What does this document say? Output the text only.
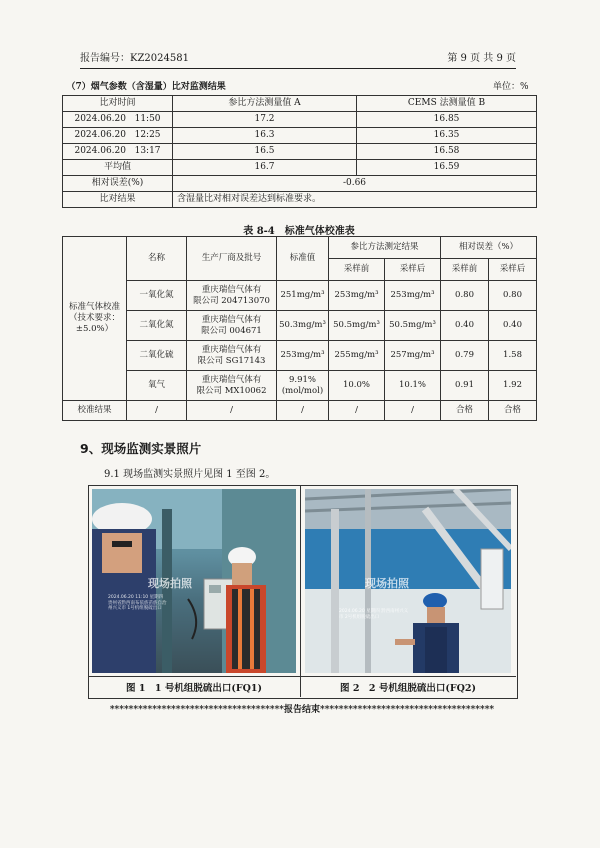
报告编号：KZ2024581	第 9 页 共 9 页
（7）烟气参数（含湿量）比对监测结果		单位：%
比对时间	参比方法测量值 A	CEMS 法测量值 B
2024.06.20 11:50	17.2	16.85
2024.06.20 12:25	16.3	16.35
2024.06.20 13:17	16.5	16.58
平均值	16.7	16.59
相对误差(%)	-0.66	
比对结果	含湿量比对相对误差达到标准要求。	
表 8-4　标准气体校准表
标准气体校准（技术要求：±5.0%）	名称	生产厂商及批号	标准值	参比方法测定结果		相对误差（%）	
				采样前	采样后	采样前	采样后
	一氧化氮	重庆瑞信气体有
限公司 204713070	251mg/m³	253mg/m³	253mg/m³	0.80	0.80
	二氧化氮	重庆瑞信气体有
限公司 004671	50.3mg/m³	50.5mg/m³	50.5mg/m³	0.40	0.40
	二氧化硫	重庆瑞信气体有
限公司 SG17143	253mg/m³	255mg/m³	257mg/m³	0.79	1.58
	氧气	重庆瑞信气体有
限公司 MX10062	9.91% (mol/mol)	10.0%	10.1%	0.91	1.92
校准结果	/	/	/	/	/	合格	合格
9、现场监测实景照片
9.1 现场监测实景照片见图 1 至图 2。
现场拍照
2024.06.20 11:10 星期四 贵州省黔西南布依族苗族自治州兴义市 1号机组脱硫出口
现场拍照
2024.06.20 星期四 黔西南州兴义市 2号机组脱硫出口
图 1　1 号机组脱硫出口(FQ1)	图 2　2 号机组脱硫出口(FQ2)
*************************************报告结束*************************************
